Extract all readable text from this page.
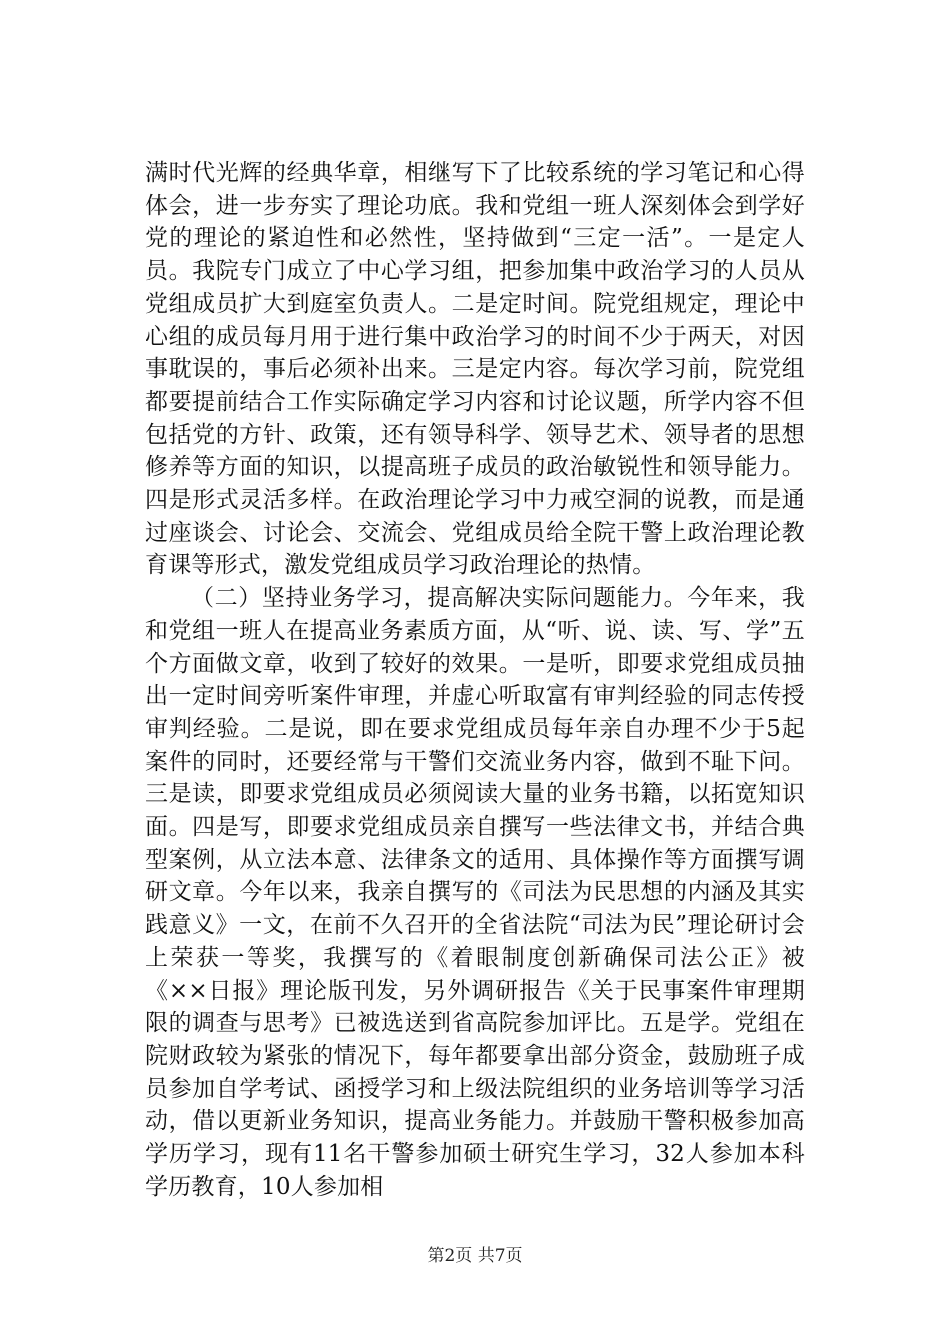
满时代光辉的经典华章，相继写下了比较系统的学习笔记和心得体会，进一步夯实了理论功底。我和党组一班人深刻体会到学好党的理论的紧迫性和必然性，坚持做到“三定一活”。一是定人员。我院专门成立了中心学习组，把参加集中政治学习的人员从党组成员扩大到庭室负责人。二是定时间。院党组规定，理论中心组的成员每月用于进行集中政治学习的时间不少于两天，对因事耽误的，事后必须补出来。三是定内容。每次学习前，院党组都要提前结合工作实际确定学习内容和讨论议题，所学内容不但包括党的方针、政策，还有领导科学、领导艺术、领导者的思想修养等方面的知识，以提高班子成员的政治敏锐性和领导能力。四是形式灵活多样。在政治理论学习中力戒空洞的说教，而是通过座谈会、讨论会、交流会、党组成员给全院干警上政治理论教育课等形式，激发党组成员学习政治理论的热情。

（二）坚持业务学习，提高解决实际问题能力。今年来，我和党组一班人在提高业务素质方面，从“听、说、读、写、学”五个方面做文章，收到了较好的效果。一是听，即要求党组成员抽出一定时间旁听案件审理，并虚心听取富有审判经验的同志传授审判经验。二是说，即在要求党组成员每年亲自办理不少于5起案件的同时，还要经常与干警们交流业务内容，做到不耻下问。三是读，即要求党组成员必须阅读大量的业务书籍，以拓宽知识面。四是写，即要求党组成员亲自撰写一些法律文书，并结合典型案例，从立法本意、法律条文的适用、具体操作等方面撰写调研文章。今年以来，我亲自撰写的《司法为民思想的内涵及其实践意义》一文，在前不久召开的全省法院“司法为民”理论研讨会上荣获一等奖，我撰写的《着眼制度创新确保司法公正》被《××日报》理论版刊发，另外调研报告《关于民事案件审理期限的调查与思考》已被选送到省高院参加评比。五是学。党组在院财政较为紧张的情况下，每年都要拿出部分资金，鼓励班子成员参加自学考试、函授学习和上级法院组织的业务培训等学习活动，借以更新业务知识，提高业务能力。并鼓励干警积极参加高学历学习，现有11名干警参加硕士研究生学习，32人参加本科学历教育，10人参加相

第2页 共7页
